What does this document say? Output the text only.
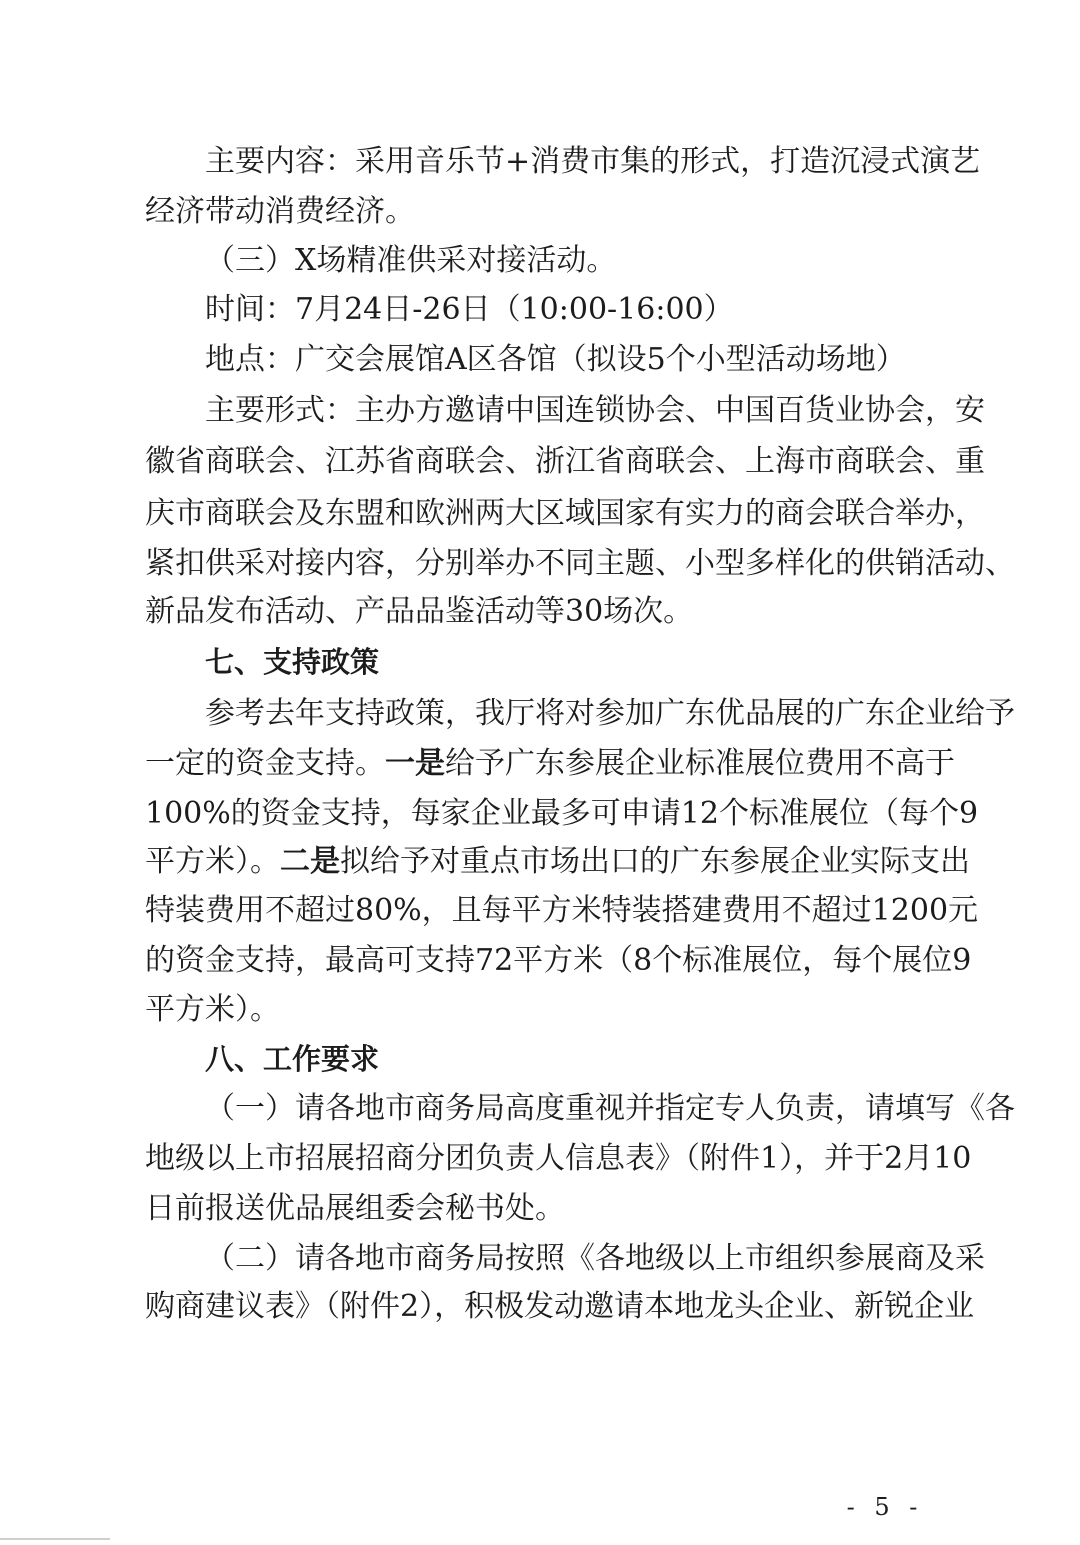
主要内容：采用音乐节+消费市集的形式，打造沉浸式演艺
经济带动消费经济。
（三）X场精准供采对接活动。
时间：7月24日-26日（10:00-16:00）
地点：广交会展馆A区各馆（拟设5个小型活动场地）
主要形式：主办方邀请中国连锁协会、中国百货业协会，安
徽省商联会、江苏省商联会、浙江省商联会、上海市商联会、重
庆市商联会及东盟和欧洲两大区域国家有实力的商会联合举办，
紧扣供采对接内容，分别举办不同主题、小型多样化的供销活动、
新品发布活动、产品品鉴活动等30场次。
七、支持政策
参考去年支持政策，我厅将对参加广东优品展的广东企业给予
一定的资金支持。一是给予广东参展企业标准展位费用不高于
100%的资金支持，每家企业最多可申请12个标准展位（每个9
平方米）。二是拟给予对重点市场出口的广东参展企业实际支出
特装费用不超过80%，且每平方米特装搭建费用不超过1200元
的资金支持，最高可支持72平方米（8个标准展位，每个展位9
平方米）。
八、工作要求
（一）请各地市商务局高度重视并指定专人负责，请填写《各
地级以上市招展招商分团负责人信息表》（附件1），并于2月10
日前报送优品展组委会秘书处。
（二）请各地市商务局按照《各地级以上市组织参展商及采
购商建议表》（附件2），积极发动邀请本地龙头企业、新锐企业
- 5 -
